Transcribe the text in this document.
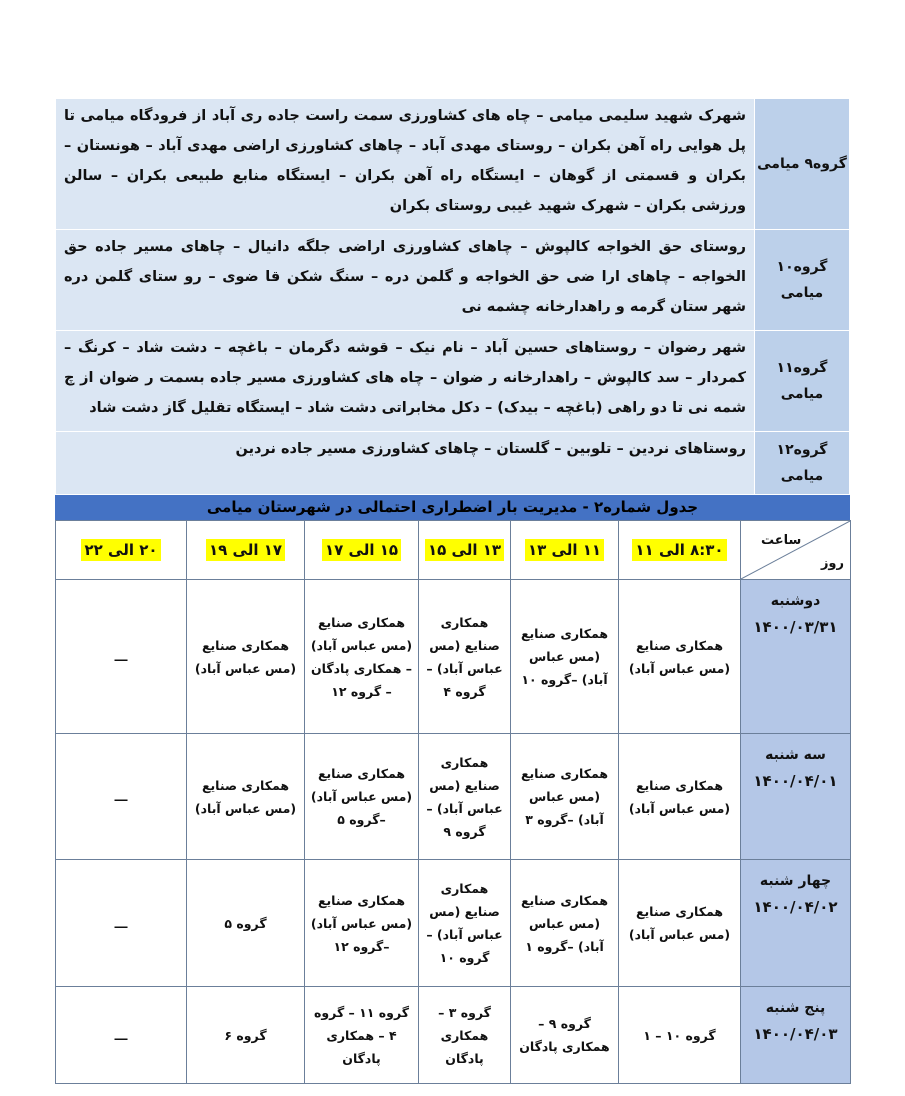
گروه۹ میامی	شهرک شهید سلیمی میامی – چاه های کشاورزی سمت راست جاده ری آباد از فرودگاه میامی تا پل هوایی راه آهن بکران – روستای مهدی آباد – چاهای کشاورزی اراضی مهدی آباد – هونستان – بکران و قسمتی از گوهان – ایستگاه راه آهن بکران – ایستگاه منابع طبیعی بکران – سالن ورزشی بکران – شهرک شهید غیبی روستای بکران
گروه۱۰ میامی	روستای حق الخواجه کالپوش – چاهای کشاورزی اراضی جلگه دانیال – چاهای مسیر جاده حق الخواجه – چاهای ارا ضی حق الخواجه و گلمن دره – سنگ شکن قا ضوی – رو ستای گلمن دره شهر ستان گرمه و راهدارخانه چشمه نی
گروه۱۱ میامی	شهر رضوان – روستاهای حسین آباد – نام نیک – قوشه دگرمان – باغچه – دشت شاد – کرنگ – کمردار – سد کالپوش – راهدارخانه ر ضوان – چاه های کشاورزی مسیر جاده بسمت ر ضوان از چ شمه نی تا دو راهی (باغچه – بیدک) – دکل مخابراتی دشت شاد – ایستگاه تقلیل گاز دشت شاد
گروه۱۲ میامی	روستاهای نردین – تلوبین – گلستان – چاهای کشاورزی مسیر جاده نردین
جدول شماره۲ - مدیریت بار اضطراری احتمالی در شهرستان میامی
ساعت
روز	۸:۳۰ الی ۱۱	۱۱ الی ۱۳	۱۳ الی ۱۵	۱۵ الی ۱۷	۱۷ الی ۱۹	۲۰ الی ۲۲

دوشنبه
۱۴۰۰/۰۳/۳۱	همکاری صنایع (مس عباس آباد)	همکاری صنایع (مس عباس آباد) –گروه ۱۰	همکاری صنایع (مس عباس آباد) – گروه ۴	همکاری صنایع (مس عباس آباد) – همکاری پادگان – گروه ۱۲	همکاری صنایع (مس عباس آباد)	ـــ

سه شنبه
۱۴۰۰/۰۴/۰۱	همکاری صنایع (مس عباس آباد)	همکاری صنایع (مس عباس آباد) –گروه ۳	همکاری صنایع (مس عباس آباد) –گروه ۹	همکاری صنایع (مس عباس آباد) –گروه ۵	همکاری صنایع (مس عباس آباد)	ـــ

چهار شنبه
۱۴۰۰/۰۴/۰۲	همکاری صنایع (مس عباس آباد)	همکاری صنایع (مس عباس آباد) –گروه ۱	همکاری صنایع (مس عباس آباد) –گروه ۱۰	همکاری صنایع (مس عباس آباد) –گروه ۱۲	گروه ۵	ـــ

پنج شنبه
۱۴۰۰/۰۴/۰۳	گروه ۱۰ – ۱	گروه ۹ – همکاری پادگان	گروه ۳ – همکاری پادگان	گروه ۱۱ – گروه ۴ – همکاری پادگان	گروه ۶	ـــ
